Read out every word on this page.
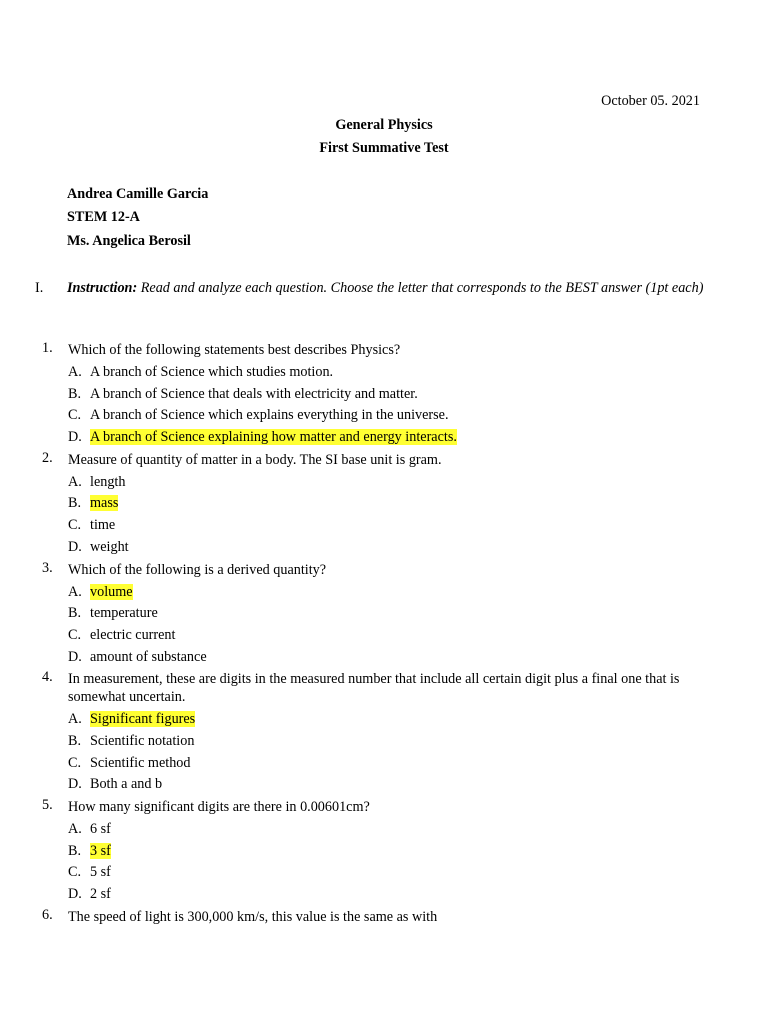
October 05. 2021
General Physics
First Summative Test
Andrea Camille Garcia
STEM 12-A
Ms. Angelica Berosil
I. Instruction: Read and analyze each question. Choose the letter that corresponds to the BEST answer (1pt each)
1. Which of the following statements best describes Physics?
A. A branch of Science which studies motion.
B. A branch of Science that deals with electricity and matter.
C. A branch of Science which explains everything in the universe.
D. A branch of Science explaining how matter and energy interacts.
2. Measure of quantity of matter in a body. The SI base unit is gram.
A. length
B. mass
C. time
D. weight
3. Which of the following is a derived quantity?
A. volume
B. temperature
C. electric current
D. amount of substance
4. In measurement, these are digits in the measured number that include all certain digit plus a final one that is somewhat uncertain.
A. Significant figures
B. Scientific notation
C. Scientific method
D. Both a and b
5. How many significant digits are there in 0.00601cm?
A. 6 sf
B. 3 sf
C. 5 sf
D. 2 sf
6. The speed of light is 300,000 km/s, this value is the same as with
